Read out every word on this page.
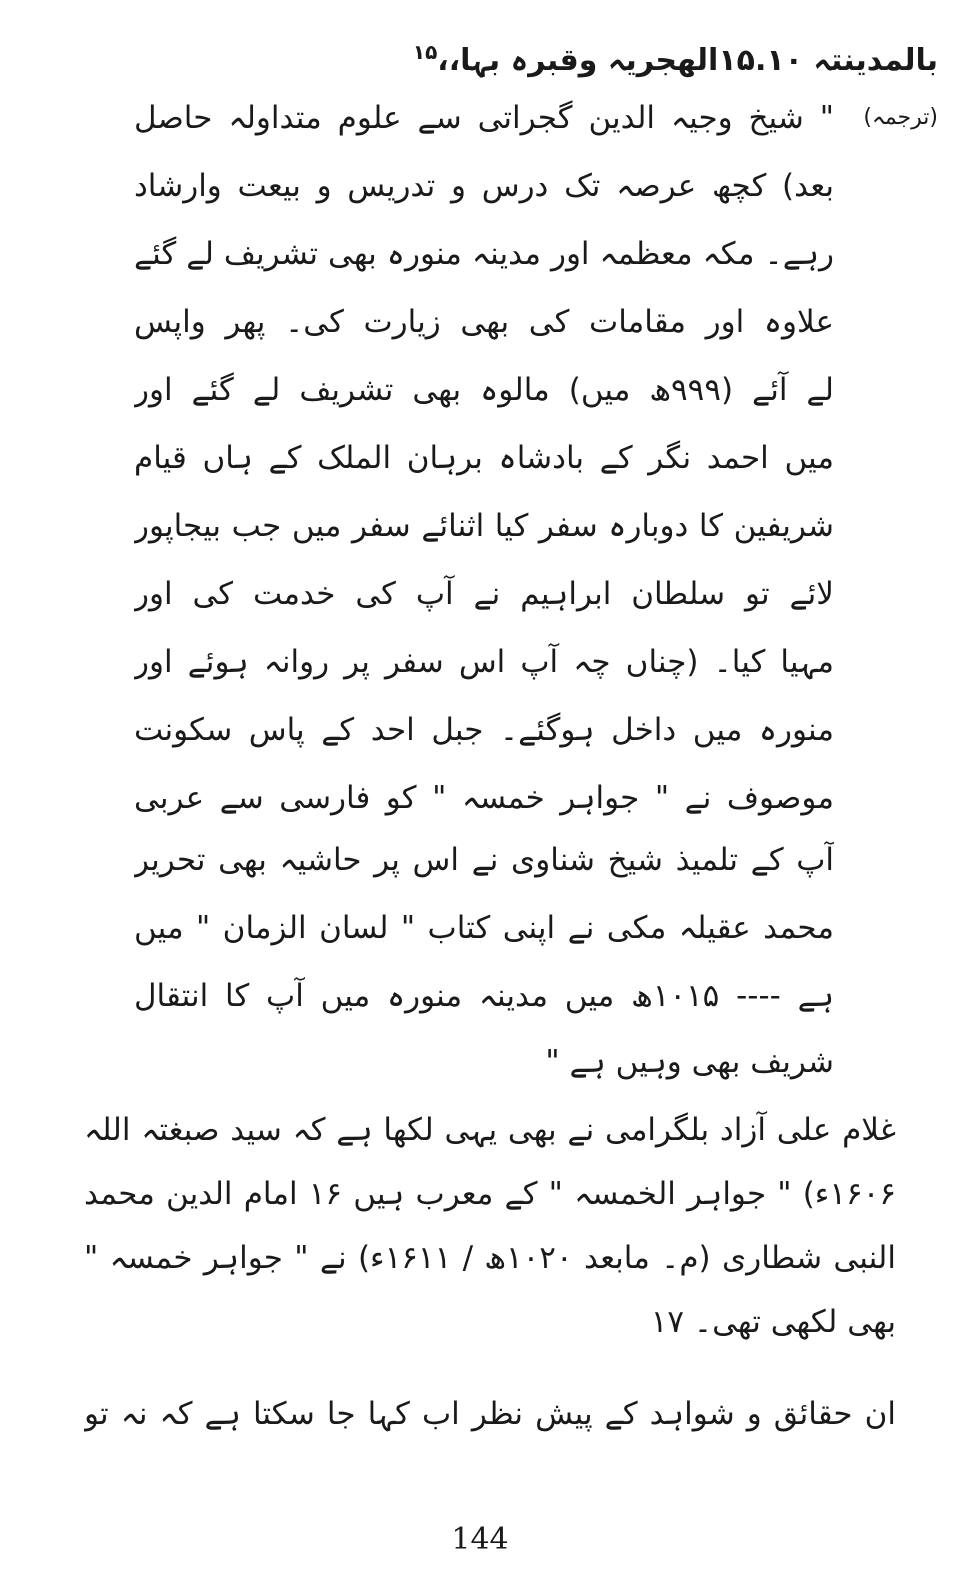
بالمدینتہ ۱۵.۱۰الھجریہ وقبرہ بہا،،$^{۱۵}$
(ترجمہ)
" شیخ وجیہ الدین گجراتی سے علوم متداولہ حاصل
بعد) کچھ عرصہ تک درس و تدریس و بیعت وارشاد
رہے۔ مکہ معظمہ اور مدینہ منورہ بھی تشریف لے گئے
علاوہ اور مقامات کی بھی زیارت کی۔ پھر واپس
لے آئے (۹۹۹ھ میں) مالوہ بھی تشریف لے گئے اور
میں احمد نگر کے بادشاہ برہان الملک کے ہاں قیام
شریفین کا دوبارہ سفر کیا اثنائے سفر میں جب بیجاپور
لائے تو سلطان ابراہیم نے آپ کی خدمت کی اور
مہیا کیا۔ (چناں چہ آپ اس سفر پر روانہ ہوئے اور
منورہ میں داخل ہوگئے۔ جبل احد کے پاس سکونت
موصوف نے " جواہر خمسہ " کو فارسی سے عربی
آپ کے تلمیذ شیخ شناوی نے اس پر حاشیہ بھی تحریر
محمد عقیلہ مکی نے اپنی کتاب " لسان الزمان " میں
ہے ---- ۱۰۱۵ھ میں مدینہ منورہ میں آپ کا انتقال
شریف بھی وہیں ہے "
غلام علی آزاد بلگرامی نے بھی یہی لکھا ہے کہ سید صبغتہ اللہ
۱۶۰۶ء) " جواہر الخمسہ " کے معرب ہیں ۱۶ امام الدین محمد
النبی شطاری (م۔ مابعد ۱۰۲۰ھ / ۱۶۱۱ء) نے " جواہر خمسہ "
بھی لکھی تھی۔ ۱۷
ان حقائق و شواہد کے پیش نظر اب کہا جا سکتا ہے کہ نہ تو
144
